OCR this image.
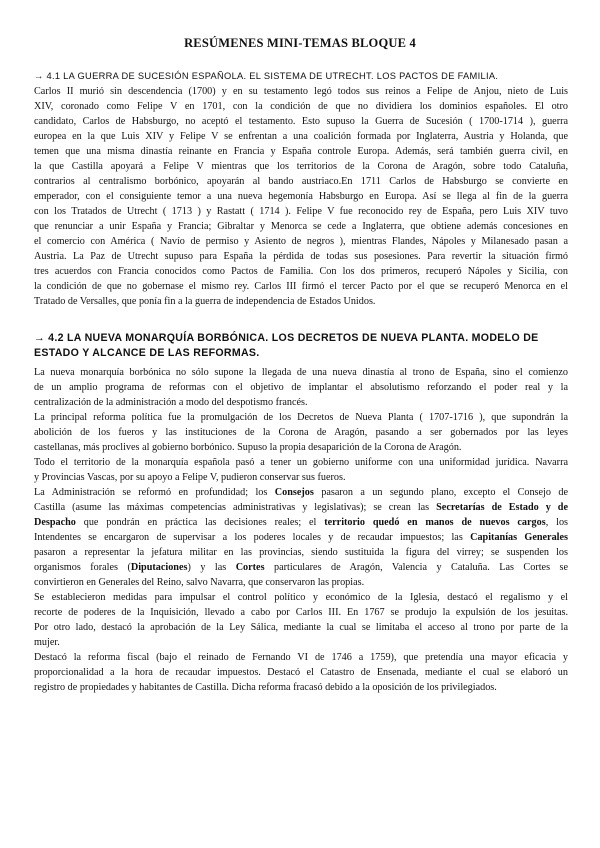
RESÚMENES MINI-TEMAS BLOQUE 4
→ 4.1 LA GUERRA DE SUCESIÓN ESPAÑOLA. EL SISTEMA DE UTRECHT. LOS PACTOS DE FAMILIA.
Carlos II murió sin descendencia (1700) y en su testamento legó todos sus reinos a Felipe de Anjou, nieto de Luis
XIV, coronado como Felipe V en 1701, con la condición de que no dividiera los dominios españoles. El otro
candidato, Carlos de Habsburgo, no aceptó el testamento. Esto supuso la Guerra de Sucesión ( 1700-1714 ), guerra
europea en la que Luis XIV y Felipe V se enfrentan a una coalición formada por Inglaterra, Austria y Holanda, que
temen que una misma dinastía reinante en Francia y España controle Europa. Además, será también guerra civil, en
la que Castilla apoyará a Felipe V mientras que los territorios de la Corona de Aragón, sobre todo Cataluña,
contrarios al centralismo borbónico, apoyarán al bando austriaco.En 1711 Carlos de Habsburgo se convierte en
emperador, con el consiguiente temor a una nueva hegemonía Habsburgo en Europa. Así se llega al fin de la guerra
con los Tratados de Utrecht ( 1713 ) y Rastatt ( 1714 ). Felipe V fue reconocido rey de España, pero Luis XIV tuvo
que renunciar a unir España y Francia; Gibraltar y Menorca se cede a Inglaterra, que obtiene además concesiones en
el comercio con América ( Navío de permiso y Asiento de negros ), mientras Flandes, Nápoles y Milanesado pasan a
Austria. La Paz de Utrecht supuso para España la pérdida de todas sus posesiones. Para revertir la situación firmó
tres acuerdos con Francia conocidos como Pactos de Familia. Con los dos primeros, recuperó Nápoles y Sicilia, con
la condición de que no gobernase el mismo rey. Carlos III firmó el tercer Pacto por el que se recuperó Menorca en el
Tratado de Versalles, que ponía fin a la guerra de independencia de Estados Unidos.
→ 4.2 LA NUEVA MONARQUÍA BORBÓNICA. LOS DECRETOS DE NUEVA PLANTA. MODELO DE ESTADO Y ALCANCE DE LAS REFORMAS.
La nueva monarquía borbónica no sólo supone la llegada de una nueva dinastía al trono de España, sino el comienzo
de un amplio programa de reformas con el objetivo de implantar el absolutismo reforzando el poder real y la
centralización de la administración a modo del despotismo francés.
La principal reforma política fue la promulgación de los Decretos de Nueva Planta ( 1707-1716 ), que supondrán la
abolición de los fueros y las instituciones de la Corona de Aragón, pasando a ser gobernados por las leyes
castellanas, más proclives al gobierno borbónico. Supuso la propia desaparición de la Corona de Aragón.
Todo el territorio de la monarquía española pasó a tener un gobierno uniforme con una uniformidad jurídica. Navarra
y Provincias Vascas, por su apoyo a Felipe V, pudieron conservar sus fueros.
La Administración se reformó en profundidad; los Consejos pasaron a un segundo plano, excepto el Consejo de
Castilla (asume las máximas competencias administrativas y legislativas); se crean las Secretarías de Estado y de
Despacho que pondrán en práctica las decisiones reales; el territorio quedó en manos de nuevos cargos, los
Intendentes se encargaron de supervisar a los poderes locales y de recaudar impuestos; las Capitanías Generales
pasaron a representar la jefatura militar en las provincias, siendo sustituida la figura del virrey; se suspenden los
organismos forales (Diputaciones) y las Cortes particulares de Aragón, Valencia y Cataluña. Las Cortes se
convirtieron en Generales del Reino, salvo Navarra, que conservaron las propias.
Se establecieron medidas para impulsar el control político y económico de la Iglesia, destacó el regalismo y el
recorte de poderes de la Inquisición, llevado a cabo por Carlos III. En 1767 se produjo la expulsión de los jesuitas.
Por otro lado, destacó la aprobación de la Ley Sálica, mediante la cual se limitaba el acceso al trono por parte de la
mujer.
Destacó la reforma fiscal (bajo el reinado de Fernando VI de 1746 a 1759), que pretendía una mayor eficacia y
proporcionalidad a la hora de recaudar impuestos. Destacó el Catastro de Ensenada, mediante el cual se elaboró un
registro de propiedades y habitantes de Castilla. Dicha reforma fracasó debido a la oposición de los privilegiados.
